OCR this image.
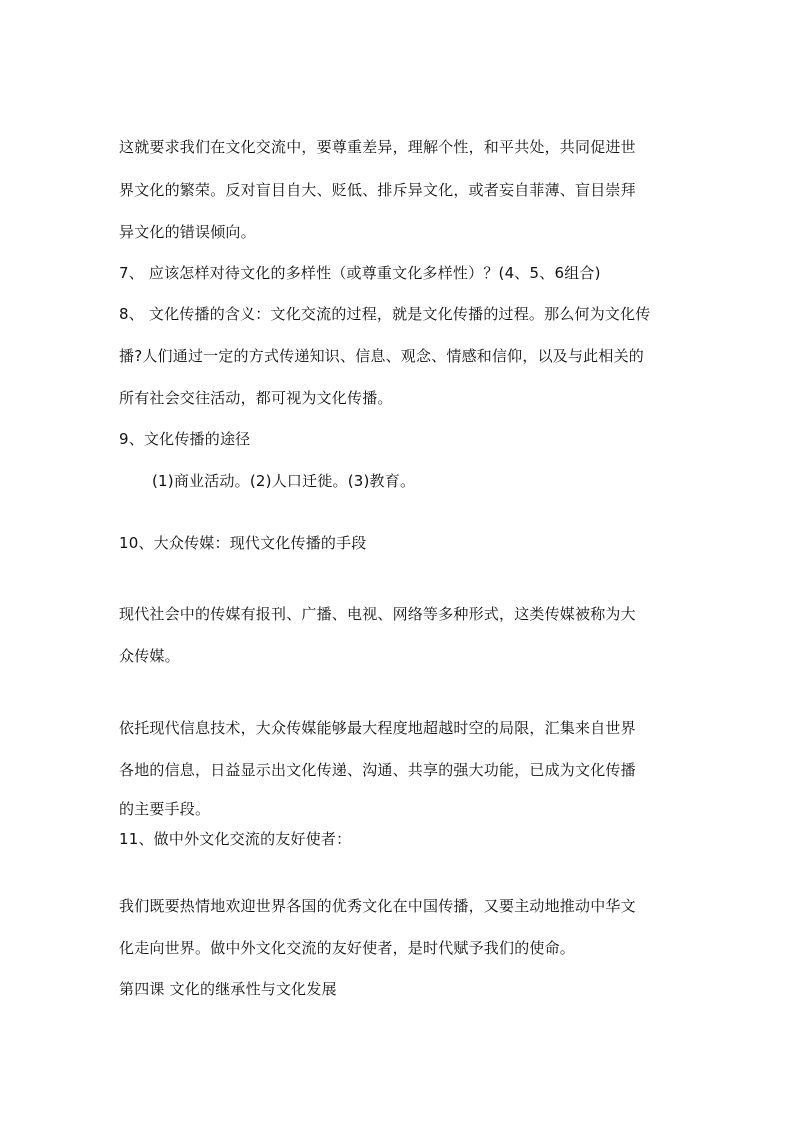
这就要求我们在文化交流中，要尊重差异，理解个性，和平共处，共同促进世
界文化的繁荣。反对盲目自大、贬低、排斥异文化，或者妄自菲薄、盲目崇拜
异文化的错误倾向。
7、 应该怎样对待文化的多样性（或尊重文化多样性）？(4、5、6组合)
8、 文化传播的含义：文化交流的过程，就是文化传播的过程。那么何为文化传
播?人们通过一定的方式传递知识、信息、观念、情感和信仰，以及与此相关的
所有社会交往活动，都可视为文化传播。
9、文化传播的途径
(1)商业活动。(2)人口迁徙。(3)教育。
10、大众传媒：现代文化传播的手段
现代社会中的传媒有报刊、广播、电视、网络等多种形式，这类传媒被称为大
众传媒。
依托现代信息技术，大众传媒能够最大程度地超越时空的局限，汇集来自世界
各地的信息，日益显示出文化传递、沟通、共享的强大功能，已成为文化传播
的主要手段。
11、做中外文化交流的友好使者：
我们既要热情地欢迎世界各国的优秀文化在中国传播，又要主动地推动中华文
化走向世界。做中外文化交流的友好使者，是时代赋予我们的使命。
第四课 文化的继承性与文化发展
